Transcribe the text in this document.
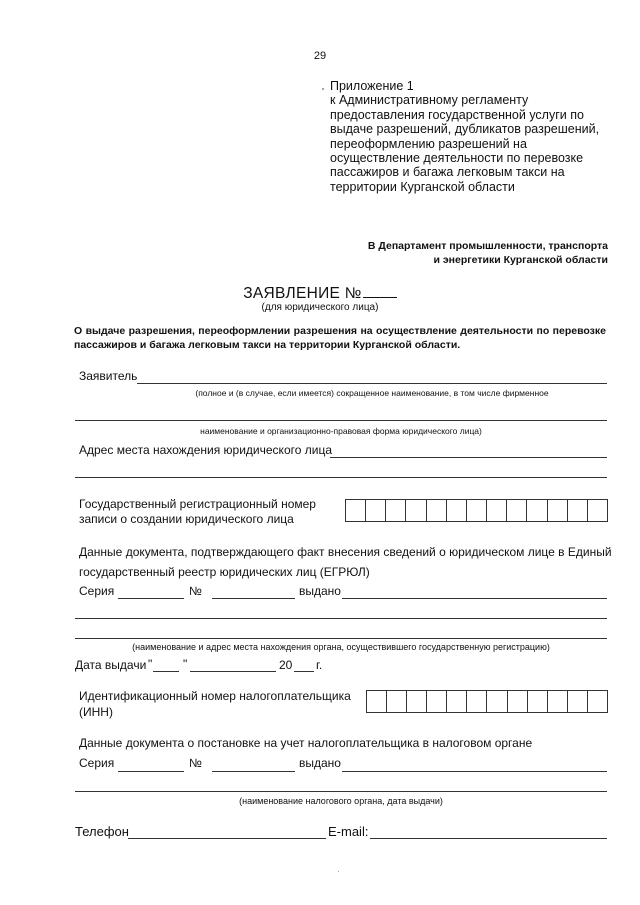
29
Приложение 1
к Административному регламенту
предоставления государственной услуги по
выдаче разрешений, дубликатов разрешений,
переоформлению разрешений на
осуществление деятельности по перевозке
пассажиров и багажа легковым такси на
территории Курганской области
В Департамент промышленности, транспорта
и энергетики Курганской области
ЗАЯВЛЕНИЕ №
(для юридического лица)
О выдаче разрешения, переоформлении разрешения на осуществление деятельности по перевозке пассажиров и багажа легковым такси на территории Курганской области.
Заявитель
(полное и (в случае, если имеется) сокращенное наименование, в том числе фирменное
наименование и организационно-правовая форма юридического лица)
Адрес места нахождения юридического лица
Государственный регистрационный номер
записи о создании юридического лица
Данные документа, подтверждающего факт внесения сведений о юридическом лице в Единый
государственный реестр юридических лиц (ЕГРЮЛ)
Серия	№	выдано
(наименование и адрес места нахождения органа, осуществившего государственную регистрацию)
Дата выдачи "	"	20 г.
Идентификационный номер налогоплательщика
(ИНН)
Данные документа о постановке на учет налогоплательщика в налоговом органе
Серия	№	выдано
(наименование налогового органа, дата выдачи)
Телефон	E-mail:
